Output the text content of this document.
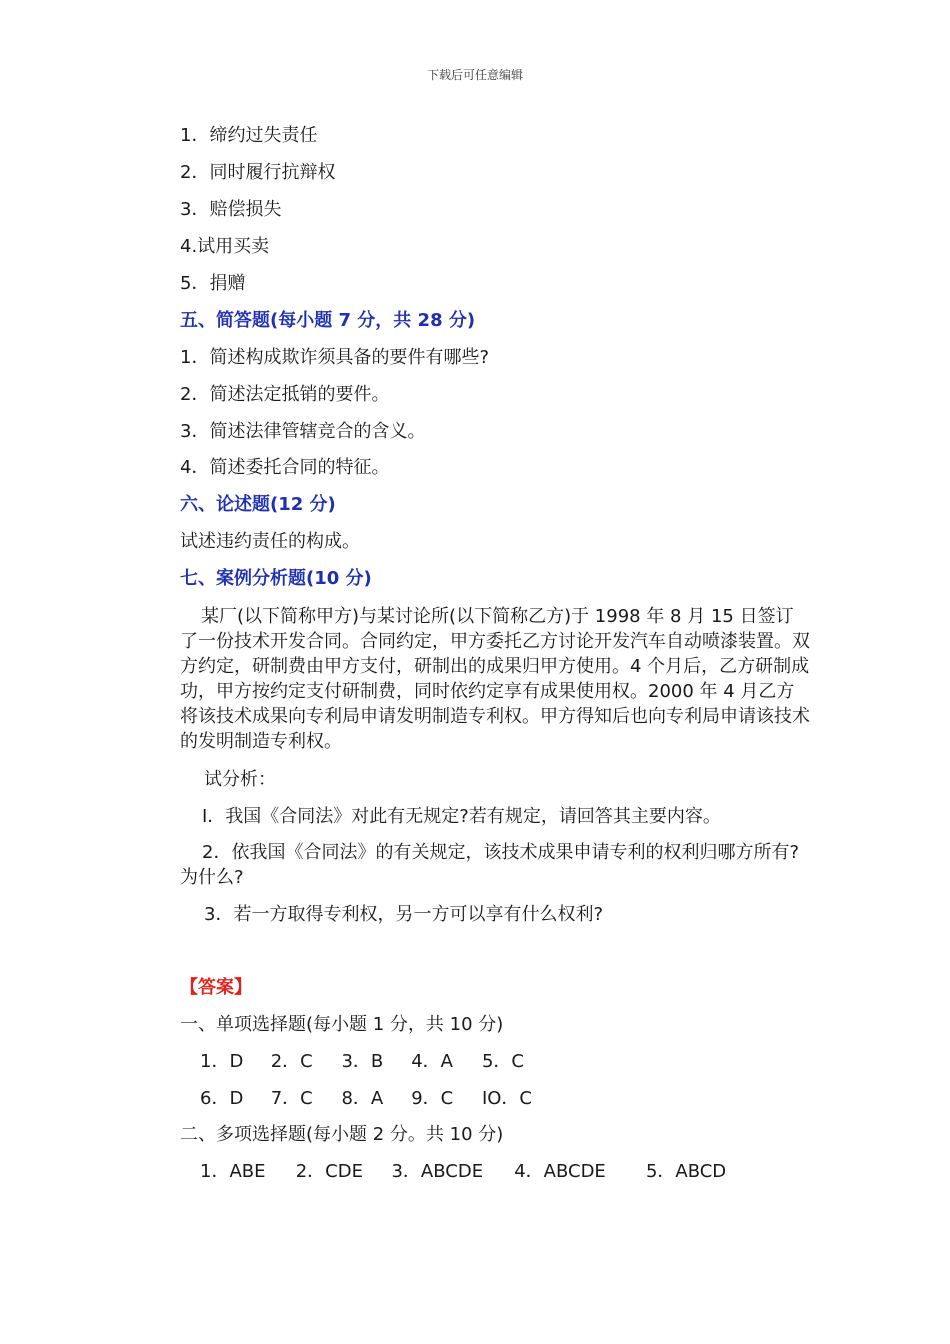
下载后可任意编辑
1．缔约过失责任
2．同时履行抗辩权
3．赔偿损失
4.试用买卖
5．捐赠
五、简答题(每小题 7 分，共 28 分)
1．简述构成欺诈须具备的要件有哪些?
2．简述法定抵销的要件。
3．简述法律管辖竞合的含义。
4．简述委托合同的特征。
六、论述题(12 分)
试述违约责任的构成。
七、案例分析题(10 分)

某厂(以下简称甲方)与某讨论所(以下简称乙方)于 1998 年 8 月 15 日签订了一份技术开发合同。合同约定，甲方委托乙方讨论开发汽车自动喷漆装置。双方约定，研制费由甲方支付，研制出的成果归甲方使用。4 个月后，乙方研制成功，甲方按约定支付研制费，同时依约定享有成果使用权。2000 年 4 月乙方将该技术成果向专利局申请发明制造专利权。甲方得知后也向专利局申请该技术的发明制造专利权。

试分析：
I．我国《合同法》对此有无规定?若有规定，请回答其主要内容。

2．依我国《合同法》的有关规定，该技术成果申请专利的权利归哪方所有?为什么?

3．若一方取得专利权，另一方可以享有什么权利?
【答案】
一、单项选择题(每小题 1 分，共 10 分)
1．D 2．C 3．B 4．A 5．C
6．D 7．C 8．A 9．C IO．C
二、多项选择题(每小题 2 分。共 10 分)
1．ABE 2．CDE 3．ABCDE 4．ABCDE 5．ABCD
